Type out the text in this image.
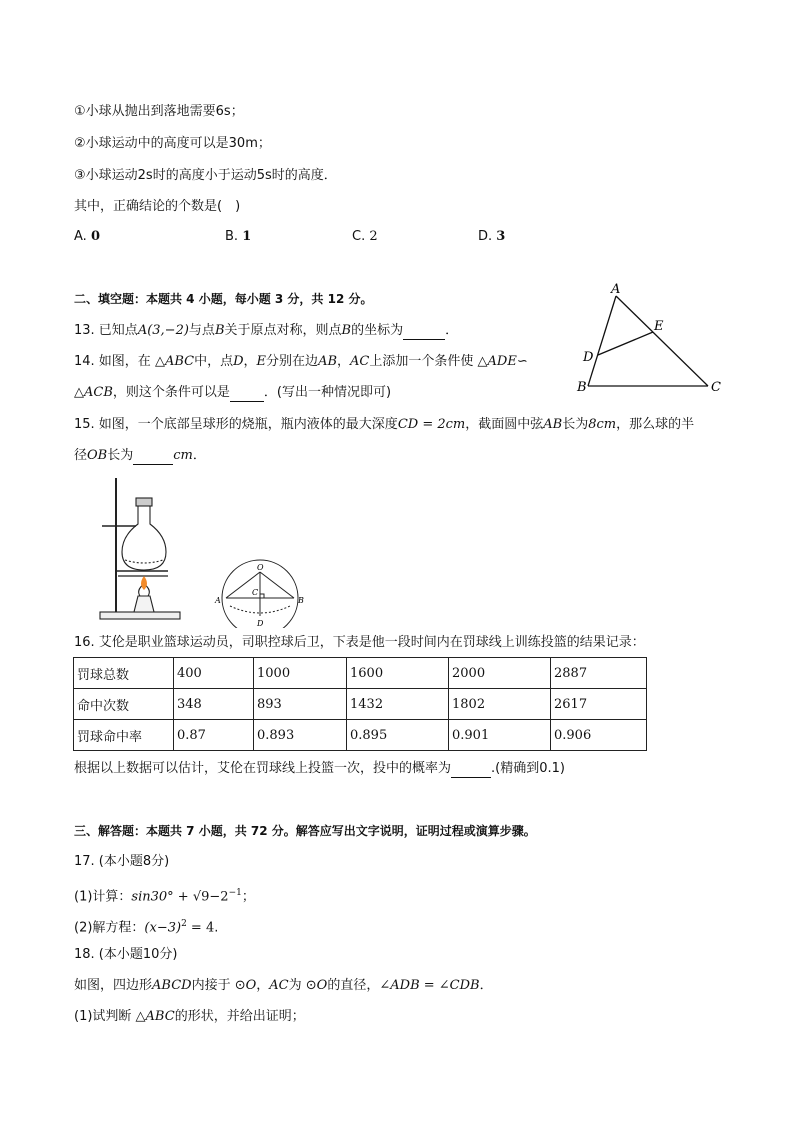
①小球从抛出到落地需要6s；
②小球运动中的高度可以是30m；
③小球运动2s时的高度小于运动5s时的高度．
其中，正确结论的个数是(　)
A. 0	B. 1	C. 2	D. 3
二、填空题：本题共 4 小题，每小题 3 分，共 12 分。
13. 已知点A(3,−2)与点B关于原点对称，则点B的坐标为	．
14. 如图，在 △ABC中，点D，E分别在边AB，AC上添加一个条件使 △ADE∽
△ACB，则这个条件可以是	．(写出一种情况即可)
A
B	C
D
E
15. 如图，一个底部呈球形的烧瓶，瓶内液体的最大深度CD = 2cm，截面圆中弦AB长为8cm，那么球的半
径OB长为	cm．
O
C
A	B
D
16. 艾伦是职业篮球运动员，司职控球后卫，下表是他一段时间内在罚球线上训练投篮的结果记录：
罚球总数	400	1000	1600	2000	2887
命中次数	348	893	1432	1802	2617
罚球命中率	0.87	0.893	0.895	0.901	0.906
根据以上数据可以估计，艾伦在罚球线上投篮一次，投中的概率为	.(精确到0.1)
三、解答题：本题共 7 小题，共 72 分。解答应写出文字说明，证明过程或演算步骤。
17. (本小题8分)
(1)计算：$\sin 30^\circ + √9-2^{-1}$；
(2)解方程：$(x-3)^2 = 4$.
18. (本小题10分)
如图，四边形ABCD内接于 ⊙O，AC为 ⊙O的直径，∠ADB = ∠CDB．
(1)试判断 △ABC的形状，并给出证明；
